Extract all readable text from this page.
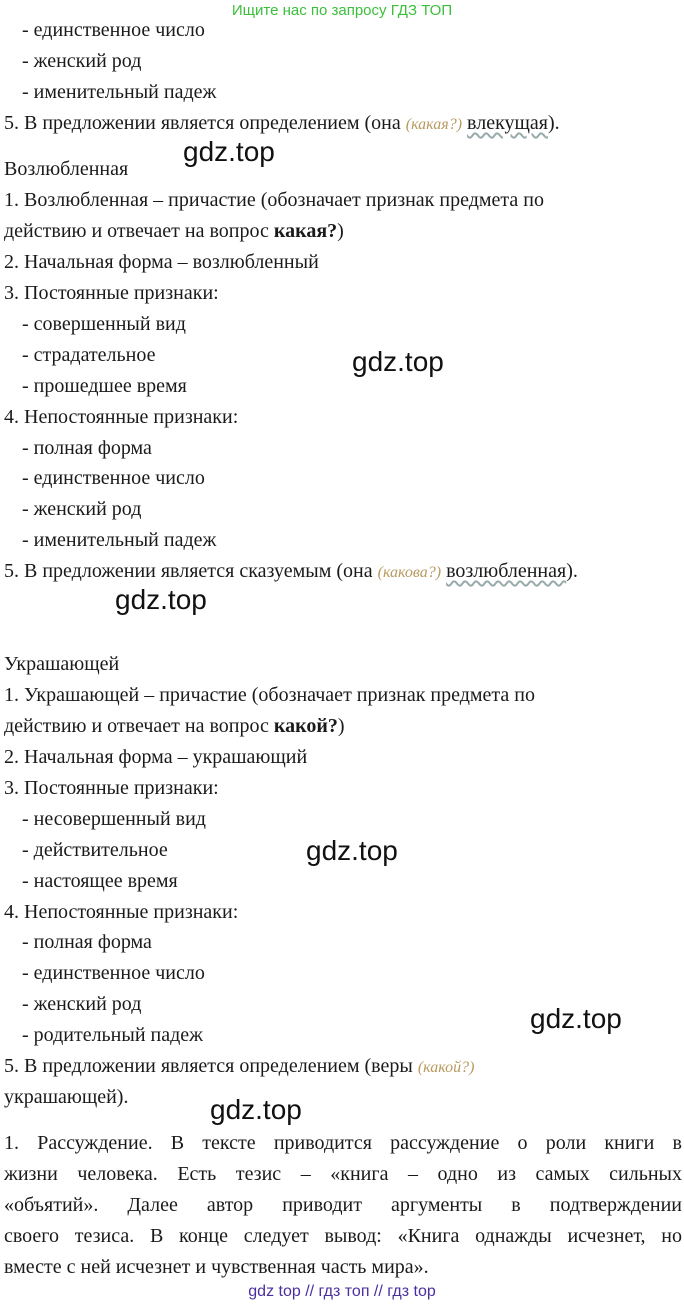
Ищите нас по запросу ГДЗ ТОП
- единственное число
- женский род
- именительный падеж
5. В предложении является определением (она (какая?) влекущая).
Возлюбленная
gdz.top
1. Возлюбленная – причастие (обозначает признак предмета по
действию и отвечает на вопрос какая?)
2. Начальная форма – возлюбленный
3. Постоянные признаки:
- совершенный вид
- страдательное	gdz.top
- прошедшее время
4. Непостоянные признаки:
- полная форма
- единственное число
- женский род
- именительный падеж
5. В предложении является сказуемым (она (какова?) возлюбленная).
gdz.top
Украшающей
1. Украшающей – причастие (обозначает признак предмета по
действию и отвечает на вопрос какой?)
2. Начальная форма – украшающий
3. Постоянные признаки:
- несовершенный вид
- действительное	gdz.top
- настоящее время
4. Непостоянные признаки:
- полная форма
- единственное число
- женский род	gdz.top
- родительный падеж
5. В предложении является определением (веры (какой?)
украшающей).	gdz.top
1. Рассуждение. В тексте приводится рассуждение о роли книги в
жизни человека. Есть тезис – «книга – одно из самых сильных
«объятий». Далее автор приводит аргументы в подтверждении
своего тезиса. В конце следует вывод: «Книга однажды исчезнет, но
вместе с ней исчезнет и чувственная часть мира».
gdz top // гдз топ // гдз top
